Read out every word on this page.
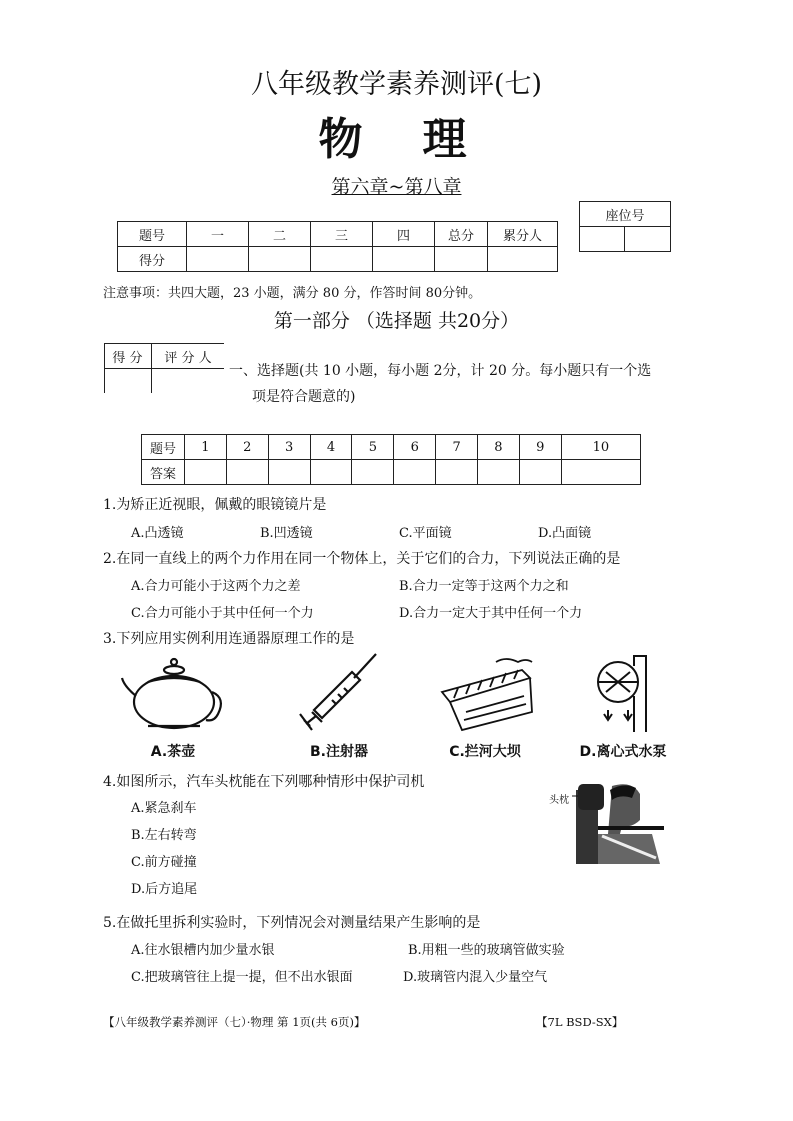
八年级教学素养测评(七)
物　理
第六章~第八章
座位号

题号	一	二	三	四	总分	累分人
得分						
注意事项：共四大题，23 小题，满分 80 分，作答时间 80分钟。
第一部分 （选择题 共20分）
得 分	评 分 人
一、选择题(共 10 小题，每小题 2分，计 20 分。每小题只有一个选
项是符合题意的)
题号	1	2	3	4	5	6	7	8	9	10
答案										
1.为矫正近视眼，佩戴的眼镜镜片是
A.凸透镜	B.凹透镜	C.平面镜	D.凸面镜
2.在同一直线上的两个力作用在同一个物体上，关于它们的合力，下列说法正确的是
A.合力可能小于这两个力之差	B.合力一定等于这两个力之和
C.合力可能小于其中任何一个力	D.合力一定大于其中任何一个力
3.下列应用实例利用连通器原理工作的是
A.茶壶	B.注射器	C.拦河大坝	D.离心式水泵
4.如图所示，汽车头枕能在下列哪种情形中保护司机
A.紧急刹车
B.左右转弯
C.前方碰撞
D.后方追尾
头枕
5.在做托里拆利实验时，下列情况会对测量结果产生影响的是
A.往水银槽内加少量水银	B.用粗一些的玻璃管做实验
C.把玻璃管往上提一提，但不出水银面	D.玻璃管内混入少量空气
【八年级教学素养测评（七）·物理 第 1页(共 6页)】	【7L BSD-SX】
